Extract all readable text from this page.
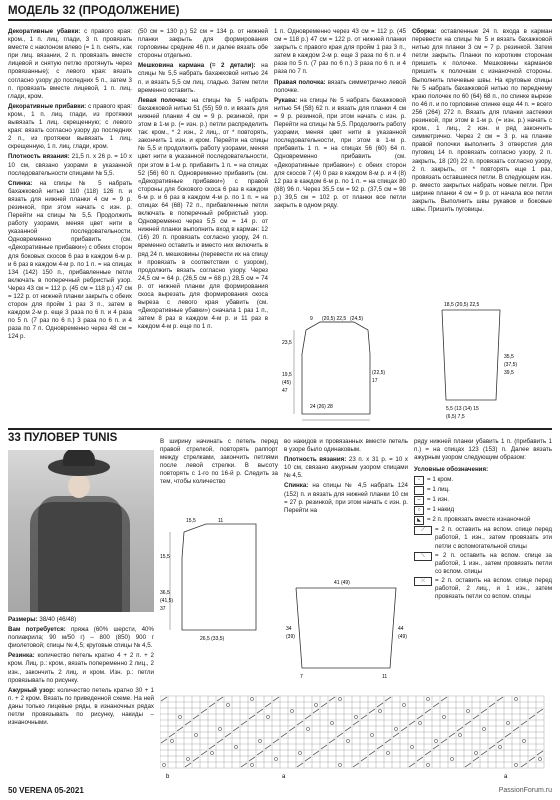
МОДЕЛЬ 32 (ПРОДОЛЖЕНИЕ)

Декоративные убавки: с правого края: кром., 1 п. лиц. глади, 3 п. провязать вместе с наклоном влево (= 1 п. снять, как при лиц. вязании, 2 п. провязать вместе лицевой и снятую петлю протянуть через провязанные); с левого края: вязать согласно узору до последних 5 п., затем 3 п. провязать вместе лицевой, 1 п. лиц. глади, кром.

Декоративные прибавки: с правого края: кром., 1 п. лиц. глади, из протяжки вывязать 1 лиц. скрещенную; с левого края: вязать согласно узору до последних 2 п., из протяжки вывязать 1 лиц. скрещенную, 1 п. лиц. глади, кром.

Плотность вязания: 21,5 п. x 26 р. = 10 x 10 см, связано узорами в указанной последовательности спицами № 5,5.

Спинка: на спицы № 5 набрать бахажковой нитью 110 (118) 126 п. и вязать для нижней планки 4 см = 9 р. резинкой, при этом начать с изн. р. Перейти на спицы № 5,5. Продолжить работу узорами, меняя цвет нити в указанной последовательности. Одновременно прибавить (см. «Декоративные прибавки») с обеих сторон для боковых скосов 6 раз в каждом 6-м р. и 6 раз в каждом 4-м р. по 1 п. = на спицах 134 (142) 150 п., прибавленные петли включать в поперечный ребристый узор. Через 43 см = 112 р. (45 см = 118 р.) 47 см = 122 р. от нижней планки закрыть с обеих сторон для пройм 1 раз 3 п., затем в каждом 2-м р. еще 3 раза по 6 п. и 4 раза по 5 п. (7 раз по 6 п.) 3 раза по 6 п. и 4 раза по 7 п. Одновременно через 48 см = 124 р.

(50 см = 130 р.) 52 см = 134 р. от нижней планки закрыть для формирования горловины средние 46 п. и далее вязать обе стороны отдельно.

Мешковина кармана (= 2 детали): на спицы № 5,5 набрать бахажковой нитью 24 п. и вязать 5,5 см лиц. гладью. Затем петли временно оставить.

Левая полочка: на спицы № 5 набрать бахажковой нитью 51 (55) 59 п. и вязать для нижней планки 4 см = 9 р. резинкой, при этом в 1-м р. (= изн. р.) петли распределить так: кром., * 2 изн., 2 лиц., от * повторять, закончить 1 изн. и кром. Перейти на спицы № 5,5 и продолжить работу узорами, меняя цвет нити в указанной последовательности, при этом в 1-м р. прибавить 1 п. = на спицах 52 (56) 60 п. Одновременно прибавить (см. «Декоративные прибавки») с правой стороны для бокового скоса 6 раз в каждом 6-м р. и 6 раз в каждом 4-м р. по 1 п. = на спицах 64 (68) 72 п., прибавленные петли включать в поперечный ребристый узор. Одновременно через 5,5 см = 14 р. от нижней планки выполнить вход в карман: 12 (16) 20 п. провязать согласно узору, 24 п. временно оставить и вместо них включить в ряд 24 п. мешковины (перевести их на спицу и провязать в соответствии с узором), продолжить вязать согласно узору. Через 24,5 см = 64 р. (26,5 см = 68 р.) 28,5 см = 74 р. от нижней планки для формирования скоса вырезать для формирования скоса выреза с левого края убавить (см. «Декоративные убавки») сначала 1 раз 1 п., затем 8 раз в каждом 4-м р. и 11 раз в каждом 4-м р. еще по 1 п.

1 п. Одновременно через 43 см = 112 р. (45 см = 118 р.) 47 см = 122 р. от нижней планки закрыть с правого края для пройм 1 раз 3 п., затем в каждом 2-м р. еще 3 раза по 6 п. и 4 раза по 5 п. (7 раз по 6 п.) 3 раза по 6 п. и 4 раза по 7 п.

Правая полочка: вязать симметрично левой полочке.

Рукава: на спицы № 5 набрать бахажковой нитью 54 (58) 62 п. и вязать для планки 4 см = 9 р. резинкой, при этом начать с изн. р. Перейти на спицы № 5,5. Продолжить работу узорами, меняя цвет нити в указанной последовательности, при этом в 1-м р. прибавить 1 п. = на спицах 56 (60) 64 п. Одновременно прибавить (см. «Декоративные прибавки») с обеих сторон для скосов 7 (4) 0 раз в каждом 8-м р. и 4 (8) 12 раз в каждом 6-м р. по 1 п. = на спицах 80 (88) 96 п. Через 35,5 см = 92 р. (37,5 см = 98 р.) 39,5 см = 102 р. от планки все петли закрыть в одном ряду.

Сборка: оставленные 24 п. входа в карман перевести на спицы № 5 и вязать бахажковой нитью для планки 3 см = 7 р. резинкой. Затем петли закрыть. Планки по коротким сторонам пришить к полочке. Мешковины карманов пришить к полочкам с изнаночной стороны. Выполнить плечевые швы. На круговые спицы № 5 набрать бахажковой нитью по переднему краю полочек по 60 (64) 68 п., по спинке вырезе по 46 п. и по горловине спинке еще 44 п. = всего 256 (264) 272 п. Вязать для планки застежки резинкой, при этом в 1-м р. (= изн. р.) начать с кром., 1 лиц., 2 изн. и ряд закончить симметрично. Через 2 см = 3 р. на планке правой полочки выполнить 3 отверстия для пуговиц 14 п. провязать согласно узору, 2 п. закрыть, 18 (20) 22 п. провязать согласно узору, 2 п. закрыть, от * повторять еще 1 раз, провязать оставшиеся петли. В следующем изн. р. вместо закрытых набрать новые петли. При ширине планки 4 см = 9 р. от начала все петли закрыть. Выполнить швы рукавов и боковые швы. Пришить пуговицы.

9 (20,5) 22,5 (24,5)
23,5
19,5
(45)
47
24 (26) 28
(22,5)
17
18,5 (20,5) 22,5
35,5
(37,5)
39,5
5,5 (13 (14) 15
(6,5) 7,5
33 ПУЛОВЕР TUNIS

Размеры: 38/40 (46/48)

Вам потребуется: пряжа (60% шерсти, 40% полиакрила; 90 м/50 г) – 800 (850) 900 г фиолетовой; спицы № 4,5; круговые спицы № 4,5.

Резинка: количество петель кратно 4 + 2 п. + 2 кром. Лиц. р.: кром., вязать попеременно 2 лиц., 2 изн., закончить 2 лиц. и кром. Изн. р.: петли провязывать по рисунку.

Ажурный узор: количество петель кратно 30 + 1 п. + 2 кром. Вязать по приведенной схеме. На ней даны только лицевые ряды, в изнаночных рядах петли провязывать по рисунку, накиды – изнаночными.

В ширину начинать с петель перед правой стрелкой, повторять раппорт между стрелками, закончить петлями после левой стрелки. В высоту повторять с 1-го по 16-й р. Следить за тем, чтобы количество

во накидов и провязанных вместе петель в узоре было одинаковым.

Плотность вязания: 23 п. x 31 р. = 10 x 10 см, связано ажурным узором спицами № 4,5.

Спинка: на спицы № 4,5 набрать 124 (152) п. и вязать для нижней планки 10 см = 27 р. резинкой, при этом начать с изн. р. Перейти на

ряду нижней планки убавить 1 п. (прибавить 1 п.) = на спицах 123 (153) п. Далее вязать ажурным узором следующим образом:

Условные обозначения:

▫	= 1 кром.
= 1 лиц.
–	= 1 изн.
○	= 1 накид
◣ = 2 п. провязать вместе изнаночной
⟋	= 2 п. оставить на вспом. спице перед работой, 1 изн., затем провязать эти петли с вспомогательной спицы
⟍	= 2 п. оставить на вспом. спице за работой, 1 изн., затем провязать петли со вспом. спицы
⤫	= 2 п. оставить на вспом. спице перед работой, 2 лиц., и 1 изн., затем провязать петли со вспом. спицы
15,5	11
15,5
36,5
(41,5)
37
26,5 (33,5)
41 (49)
34
(39)
44
(49)
7	11
b	a	a
50 VERENA 05-2021	PassionForum.ru
